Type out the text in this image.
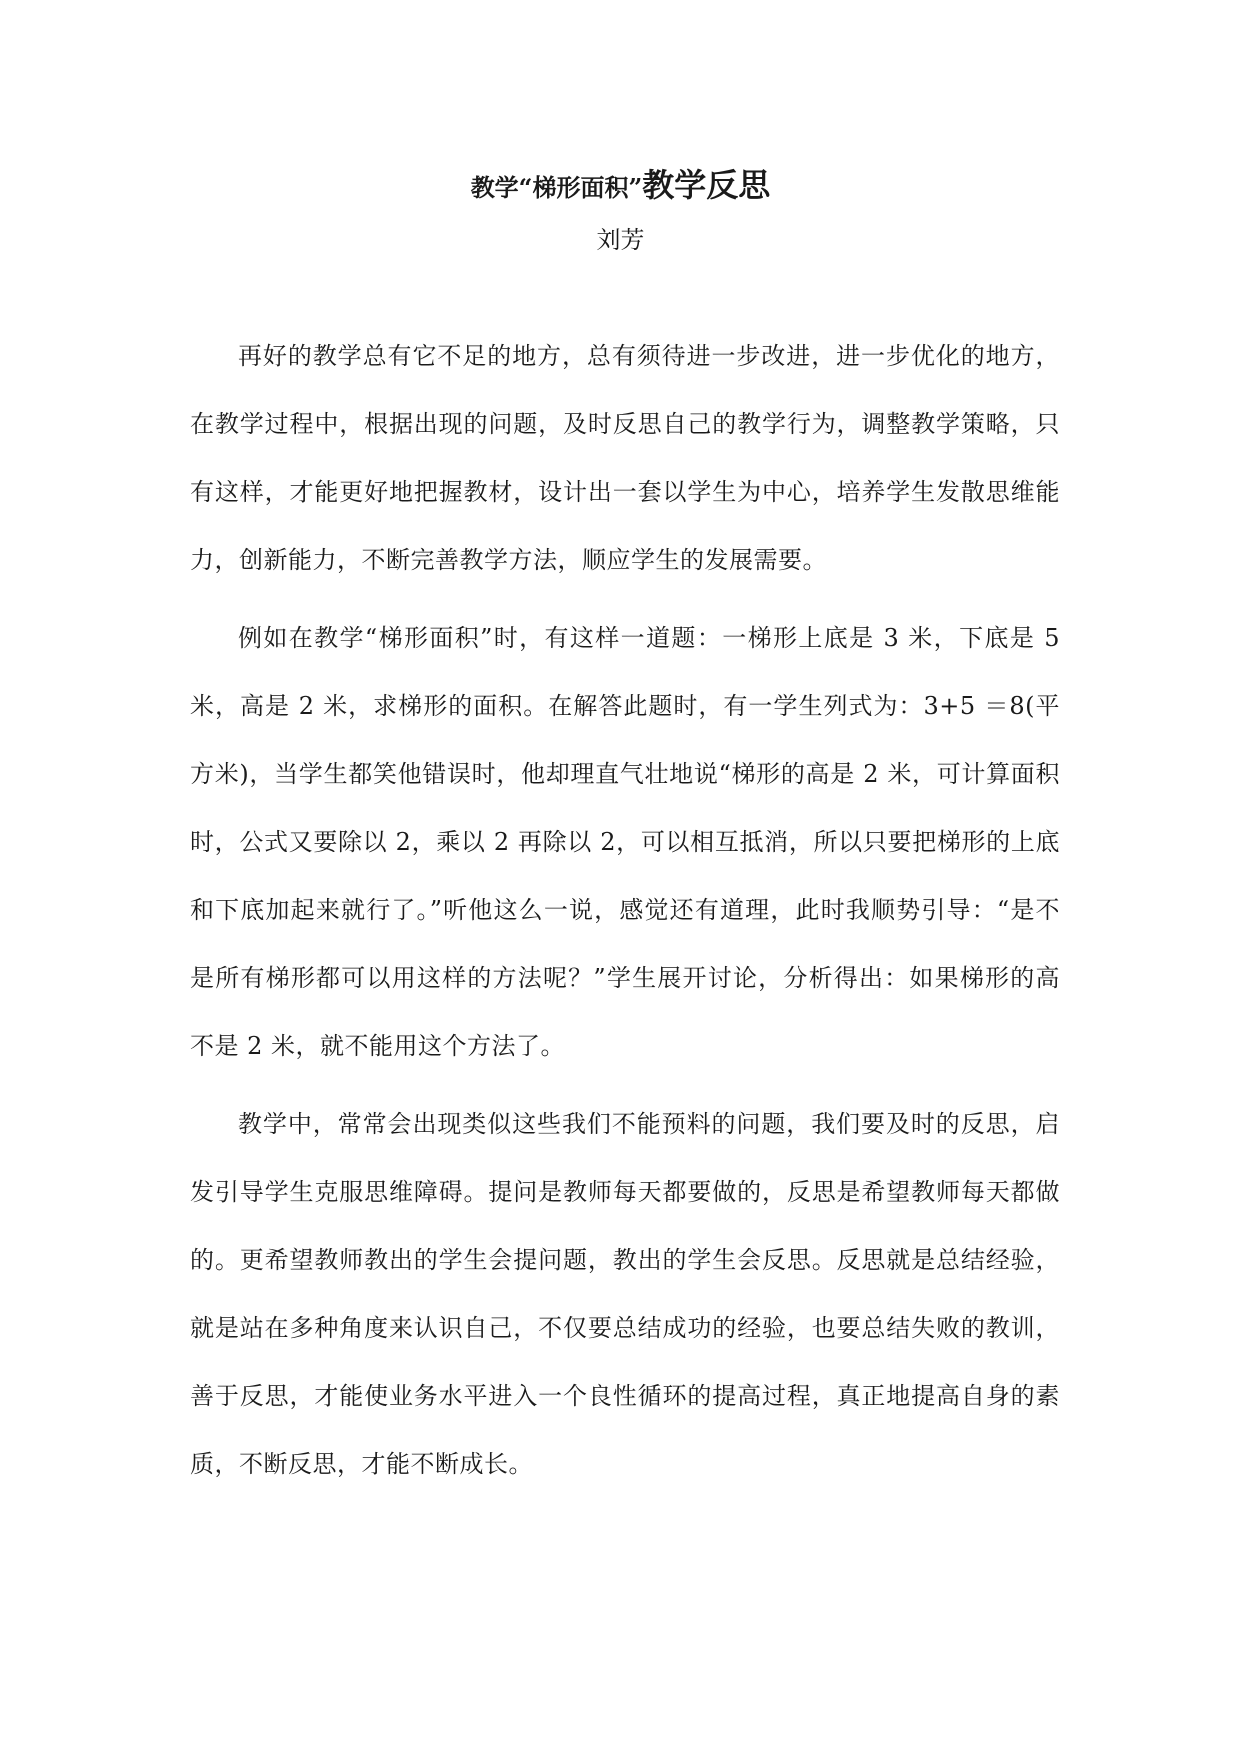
教学“梯形面积”教学反思
刘芳

再好的教学总有它不足的地方，总有须待进一步改进，进一步优化的地方，在教学过程中，根据出现的问题，及时反思自己的教学行为，调整教学策略，只有这样，才能更好地把握教材，设计出一套以学生为中心，培养学生发散思维能力，创新能力，不断完善教学方法，顺应学生的发展需要。

例如在教学“梯形面积”时，有这样一道题：一梯形上底是 3 米，下底是 5 米，高是 2 米，求梯形的面积。在解答此题时，有一学生列式为：3+5 ＝8(平方米)，当学生都笑他错误时，他却理直气壮地说“梯形的高是 2 米，可计算面积时，公式又要除以 2，乘以 2 再除以 2，可以相互抵消，所以只要把梯形的上底和下底加起来就行了。”听他这么一说，感觉还有道理，此时我顺势引导：“是不是所有梯形都可以用这样的方法呢？”学生展开讨论，分析得出：如果梯形的高不是 2 米，就不能用这个方法了。

教学中，常常会出现类似这些我们不能预料的问题，我们要及时的反思，启发引导学生克服思维障碍。提问是教师每天都要做的，反思是希望教师每天都做的。更希望教师教出的学生会提问题，教出的学生会反思。反思就是总结经验，就是站在多种角度来认识自己，不仅要总结成功的经验，也要总结失败的教训，善于反思，才能使业务水平进入一个良性循环的提高过程，真正地提高自身的素质，不断反思，才能不断成长。
